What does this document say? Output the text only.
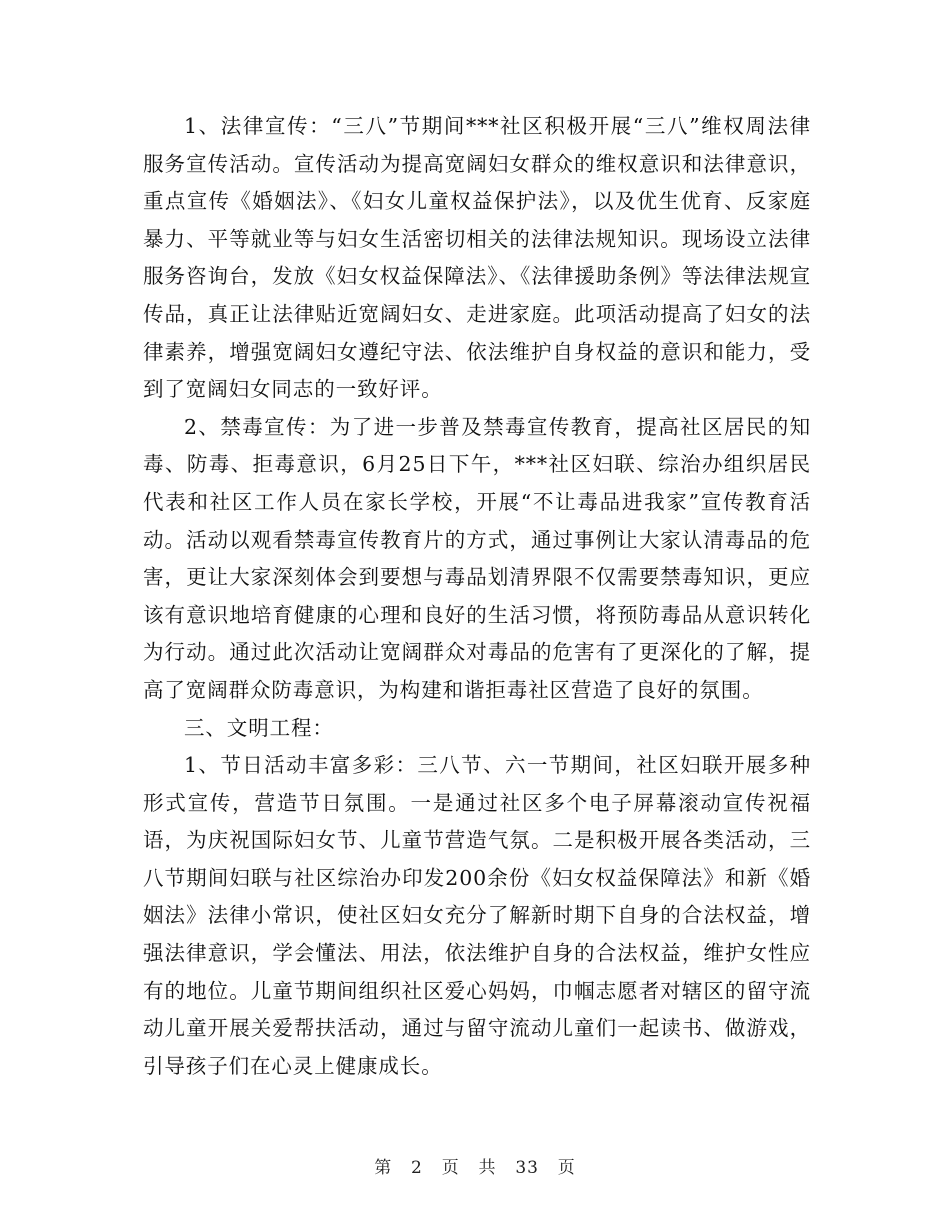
1、法律宣传：“三八”节期间***社区积极开展“三八”维权周法律服务宣传活动。宣传活动为提高宽阔妇女群众的维权意识和法律意识，重点宣传《婚姻法》、《妇女儿童权益保护法》，以及优生优育、反家庭暴力、平等就业等与妇女生活密切相关的法律法规知识。现场设立法律服务咨询台，发放《妇女权益保障法》、《法律援助条例》等法律法规宣传品，真正让法律贴近宽阔妇女、走进家庭。此项活动提高了妇女的法律素养，增强宽阔妇女遵纪守法、依法维护自身权益的意识和能力，受到了宽阔妇女同志的一致好评。

2、禁毒宣传：为了进一步普及禁毒宣传教育，提高社区居民的知毒、防毒、拒毒意识，6月25日下午，***社区妇联、综治办组织居民代表和社区工作人员在家长学校，开展“不让毒品进我家”宣传教育活动。活动以观看禁毒宣传教育片的方式，通过事例让大家认清毒品的危害，更让大家深刻体会到要想与毒品划清界限不仅需要禁毒知识，更应该有意识地培育健康的心理和良好的生活习惯，将预防毒品从意识转化为行动。通过此次活动让宽阔群众对毒品的危害有了更深化的了解，提高了宽阔群众防毒意识，为构建和谐拒毒社区营造了良好的氛围。

三、文明工程：

1、节日活动丰富多彩：三八节、六一节期间，社区妇联开展多种形式宣传，营造节日氛围。一是通过社区多个电子屏幕滚动宣传祝福语，为庆祝国际妇女节、儿童节营造气氛。二是积极开展各类活动，三八节期间妇联与社区综治办印发200余份《妇女权益保障法》和新《婚姻法》法律小常识，使社区妇女充分了解新时期下自身的合法权益，增强法律意识，学会懂法、用法，依法维护自身的合法权益，维护女性应有的地位。儿童节期间组织社区爱心妈妈，巾帼志愿者对辖区的留守流动儿童开展关爱帮扶活动，通过与留守流动儿童们一起读书、做游戏，引导孩子们在心灵上健康成长。

第 2 页 共 33 页
